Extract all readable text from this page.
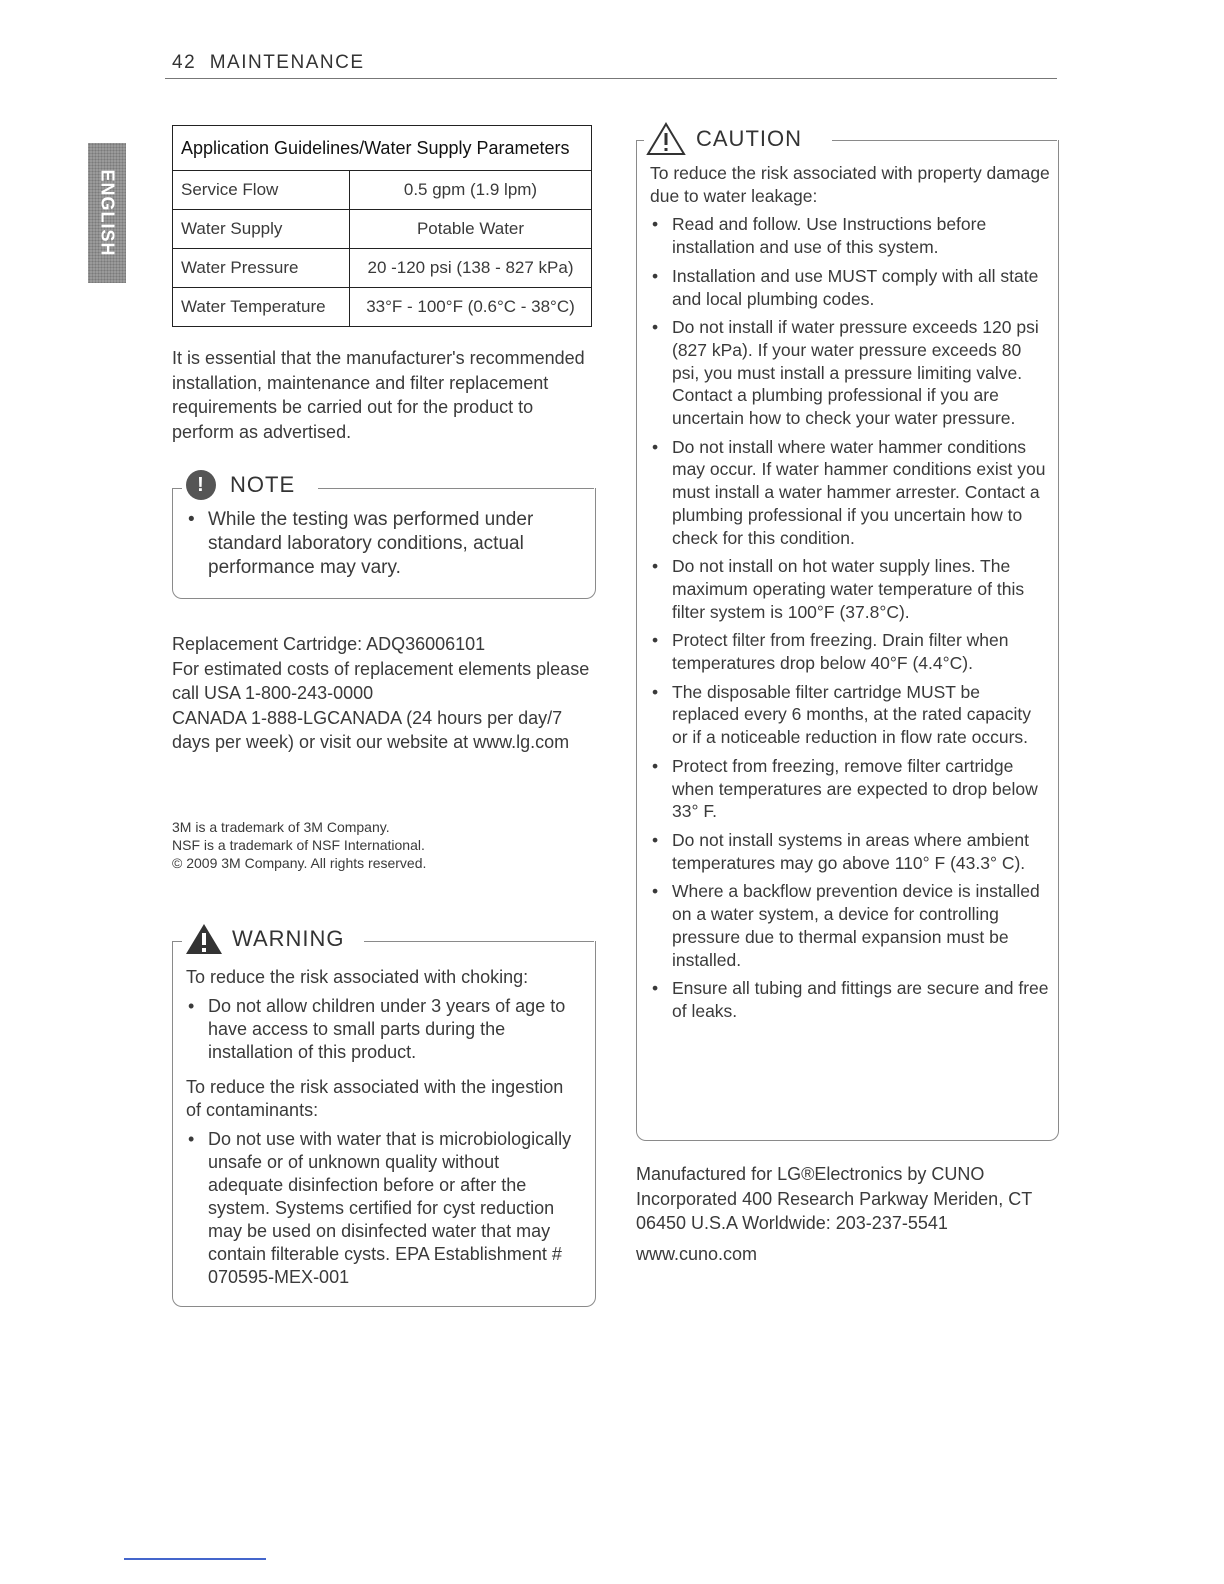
42 MAINTENANCE
ENGLISH
Application Guidelines/Water Supply Parameters	
Service Flow	0.5 gpm (1.9 lpm)
Water Supply	Potable Water
Water Pressure	20 -120 psi (138 - 827 kPa)
Water Temperature	33°F - 100°F (0.6°C - 38°C)
It is essential that the manufacturer's recommended installation, maintenance and filter replacement requirements be carried out for the product to perform as advertised.
!	NOTE
• While the testing was performed under standard laboratory conditions, actual performance may vary.
Replacement Cartridge: ADQ36006101
For estimated costs of replacement elements please call USA 1-800-243-0000
CANADA 1-888-LGCANADA (24 hours per day/7 days per week) or visit our website at www.lg.com
3M is a trademark of 3M Company.
NSF is a trademark of NSF International.
© 2009 3M Company. All rights reserved.
WARNING
To reduce the risk associated with choking:
• Do not allow children under 3 years of age to have access to small parts during the installation of this product.
To reduce the risk associated with the ingestion of contaminants:
• Do not use with water that is microbiologically unsafe or of unknown quality without adequate disinfection before or after the system. Systems certified for cyst reduction may be used on disinfected water that may contain filterable cysts. EPA Establishment # 070595-MEX-001
CAUTION
To reduce the risk associated with property damage due to water leakage:
• Read and follow. Use Instructions before installation and use of this system.
• Installation and use MUST comply with all state and local plumbing codes.
• Do not install if water pressure exceeds 120 psi (827 kPa). If your water pressure exceeds 80 psi, you must install a pressure limiting valve. Contact a plumbing professional if you are uncertain how to check your water pressure.
• Do not install where water hammer conditions may occur. If water hammer conditions exist you must install a water hammer arrester. Contact a plumbing professional if you uncertain how to check for this condition.
• Do not install on hot water supply lines. The maximum operating water temperature of this filter system is 100°F (37.8°C).
• Protect filter from freezing. Drain filter when temperatures drop below 40°F (4.4°C).
• The disposable filter cartridge MUST be replaced every 6 months, at the rated capacity or if a noticeable reduction in flow rate occurs.
• Protect from freezing, remove filter cartridge when temperatures are expected to drop below 33° F.
• Do not install systems in areas where ambient temperatures may go above 110° F (43.3° C).
• Where a backflow prevention device is installed on a water system, a device for controlling pressure due to thermal expansion must be installed.
• Ensure all tubing and fittings are secure and free of leaks.
Manufactured for LG®Electronics by CUNO Incorporated 400 Research Parkway Meriden, CT 06450 U.S.A Worldwide: 203-237-5541
www.cuno.com
